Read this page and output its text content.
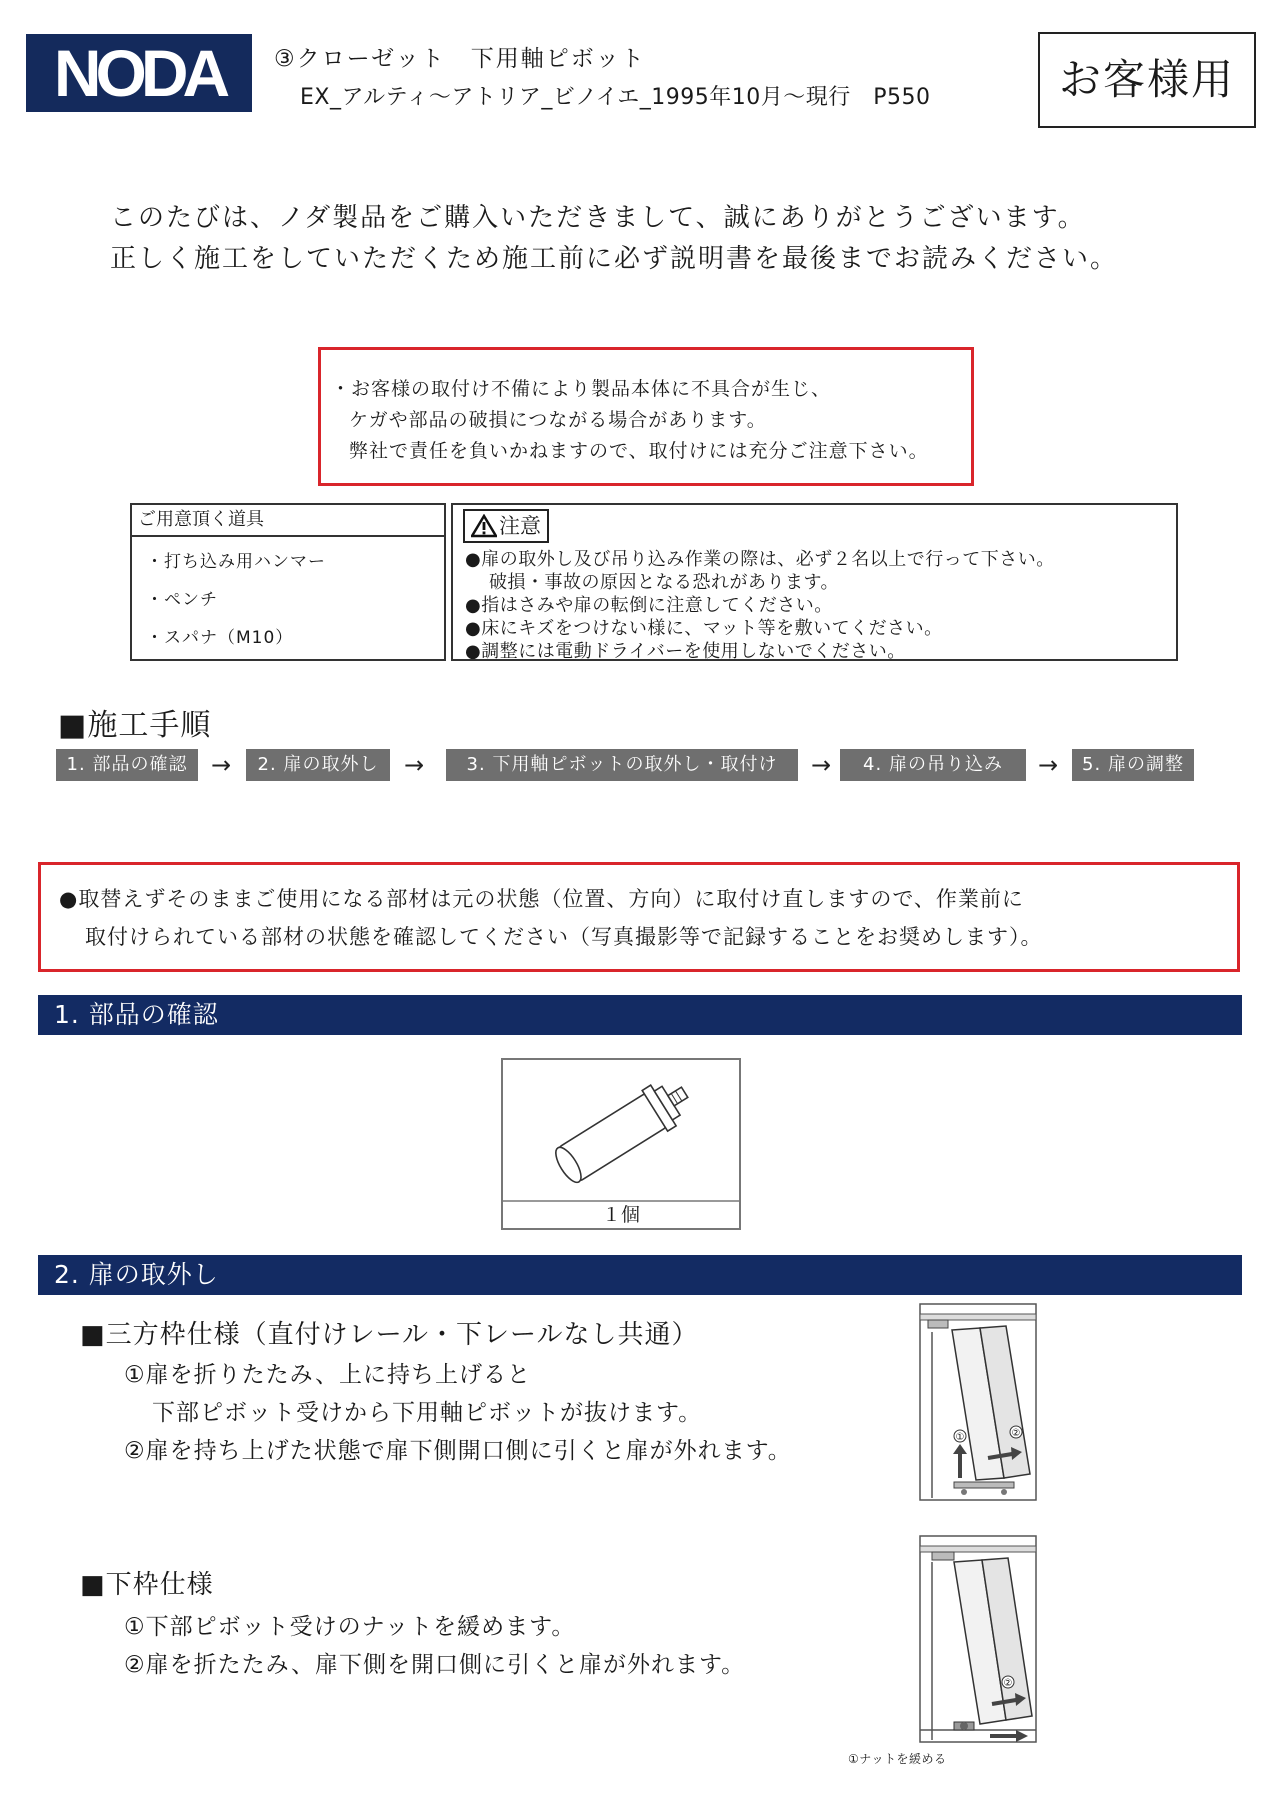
NODA	③クローゼット　下用軸ピボット
EX_アルティ～アトリア_ビノイエ_1995年10月～現行　P550	お客様用
このたびは、ノダ製品をご購入いただきまして、誠にありがとうございます。
正しく施工をしていただくため施工前に必ず説明書を最後までお読みください。
・お客様の取付け不備により製品本体に不具合が生じ、
ケガや部品の破損につながる場合があります。
弊社で責任を負いかねますので、取付けには充分ご注意下さい。
ご用意頂く道具
・打ち込み用ハンマー
・ペンチ
・スパナ（M10）
注意
●扉の取外し及び吊り込み作業の際は、必ず２名以上で行って下さい。
破損・事故の原因となる恐れがあります。
●指はさみや扉の転倒に注意してください。
●床にキズをつけない様に、マット等を敷いてください。
●調整には電動ドライバーを使用しないでください。
■施工手順
1. 部品の確認 →	2. 扉の取外し	→	3. 下用軸ピボットの取外し・取付け	→	4. 扉の吊り込み	→	5. 扉の調整
●取替えずそのままご使用になる部材は元の状態（位置、方向）に取付け直しますので、作業前に
取付けられている部材の状態を確認してください（写真撮影等で記録することをお奨めします）。
1. 部品の確認
１個
2. 扉の取外し
■三方枠仕様（直付けレール・下レールなし共通）
①扉を折りたたみ、上に持ち上げると
下部ピボット受けから下用軸ピボットが抜けます。
②扉を持ち上げた状態で扉下側開口側に引くと扉が外れます。
①	②
■下枠仕様
①下部ピボット受けのナットを緩めます。
②扉を折たたみ、扉下側を開口側に引くと扉が外れます。
②
①ナットを緩める
